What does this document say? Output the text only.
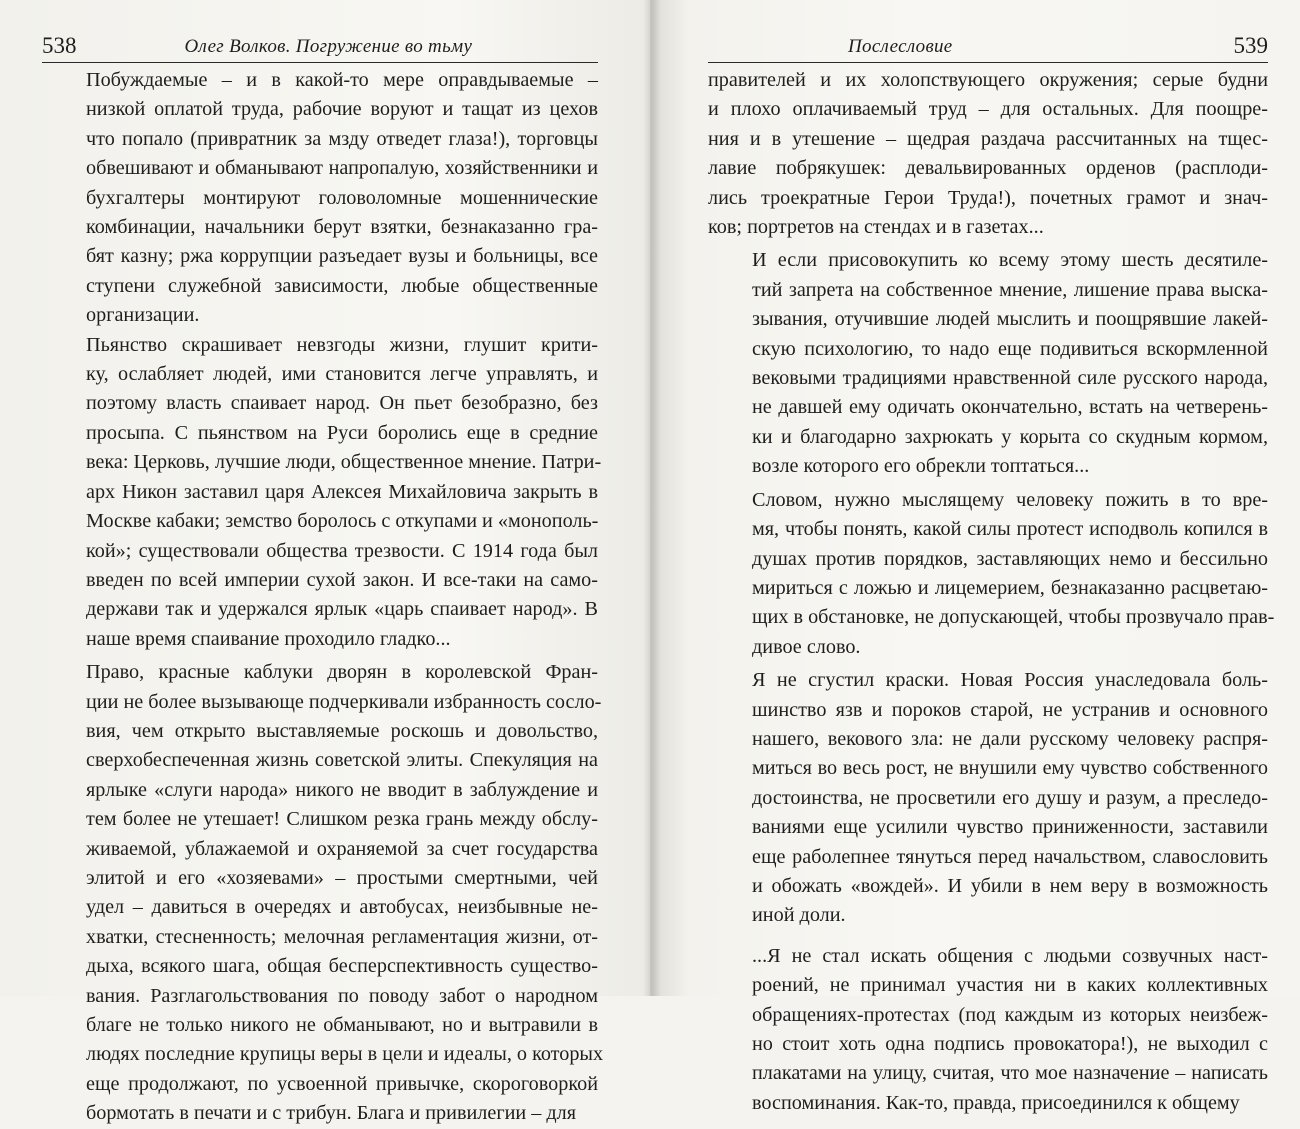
538	Олег Волков. Погружение во тьму

Побуждаемые – и в какой-то мере оправдываемые –
низкой оплатой труда, рабочие воруют и тащат из цехов
что попало (привратник за мзду отведет глаза!), торговцы
обвешивают и обманывают напропалую, хозяйственники и
бухгалтеры монтируют головоломные мошеннические
комбинации, начальники берут взятки, безнаказанно гра-
бят казну; ржа коррупции разъедает вузы и больницы, все
ступени служебной зависимости, любые общественные
организации.

Пьянство скрашивает невзгоды жизни, глушит крити-
ку, ослабляет людей, ими становится легче управлять, и
поэтому власть спаивает народ. Он пьет безобразно, без
просыпа. С пьянством на Руси боролись еще в средние
века: Церковь, лучшие люди, общественное мнение. Патри-
арх Никон заставил царя Алексея Михайловича закрыть в
Москве кабаки; земство боролось с откупами и «монополь-
кой»; существовали общества трезвости. С 1914 года был
введен по всей империи сухой закон. И все-таки на само-
держави так и удержался ярлык «царь спаивает народ». В
наше время спаивание проходило гладко...

Право, красные каблуки дворян в королевской Фран-
ции не более вызывающе подчеркивали избранность сосло-
вия, чем открыто выставляемые роскошь и довольство,
сверхобеспеченная жизнь советской элиты. Спекуляция на
ярлыке «слуги народа» никого не вводит в заблуждение и
тем более не утешает! Слишком резка грань между обслу-
живаемой, ублажаемой и охраняемой за счет государства
элитой и его «хозяевами» – простыми смертными, чей
удел – давиться в очередях и автобусах, неизбывные не-
хватки, стесненность; мелочная регламентация жизни, от-
дыха, всякого шага, общая бесперспективность существо-
вания. Разглагольствования по поводу забот о народном
благе не только никого не обманывают, но и вытравили в
людях последние крупицы веры в цели и идеалы, о которых
еще продолжают, по усвоенной привычке, скороговоркой
бормотать в печати и с трибун. Блага и привилегии – для

Послесловие	539

правителей и их холопствующего окружения; серые будни
и плохо оплачиваемый труд – для остальных. Для поощре-
ния и в утешение – щедрая раздача рассчитанных на тщес-
лавие побрякушек: девальвированных орденов (расплоди-
лись троекратные Герои Труда!), почетных грамот и знач-
ков; портретов на стендах и в газетах...

И если присовокупить ко всему этому шесть десятиле-
тий запрета на собственное мнение, лишение права выска-
зывания, отучившие людей мыслить и поощрявшие лакей-
скую психологию, то надо еще подивиться вскормленной
вековыми традициями нравственной силе русского народа,
не давшей ему одичать окончательно, встать на четверень-
ки и благодарно захрюкать у корыта со скудным кормом,
возле которого его обрекли топтаться...

Словом, нужно мыслящему человеку пожить в то вре-
мя, чтобы понять, какой силы протест исподволь копился в
душах против порядков, заставляющих немо и бессильно
мириться с ложью и лицемерием, безнаказанно расцветаю-
щих в обстановке, не допускающей, чтобы прозвучало прав-
дивое слово.

Я не сгустил краски. Новая Россия унаследовала боль-
шинство язв и пороков старой, не устранив и основного
нашего, векового зла: не дали русскому человеку распря-
миться во весь рост, не внушили ему чувство собственного
достоинства, не просветили его душу и разум, а преследо-
ваниями еще усилили чувство приниженности, заставили
еще раболепнее тянуться перед начальством, славословить
и обожать «вождей». И убили в нем веру в возможность
иной доли.

...Я не стал искать общения с людьми созвучных наст-
роений, не принимал участия ни в каких коллективных
обращениях-протестах (под каждым из которых неизбеж-
но стоит хоть одна подпись провокатора!), не выходил с
плакатами на улицу, считая, что мое назначение – написать
воспоминания. Как-то, правда, присоединился к общему
